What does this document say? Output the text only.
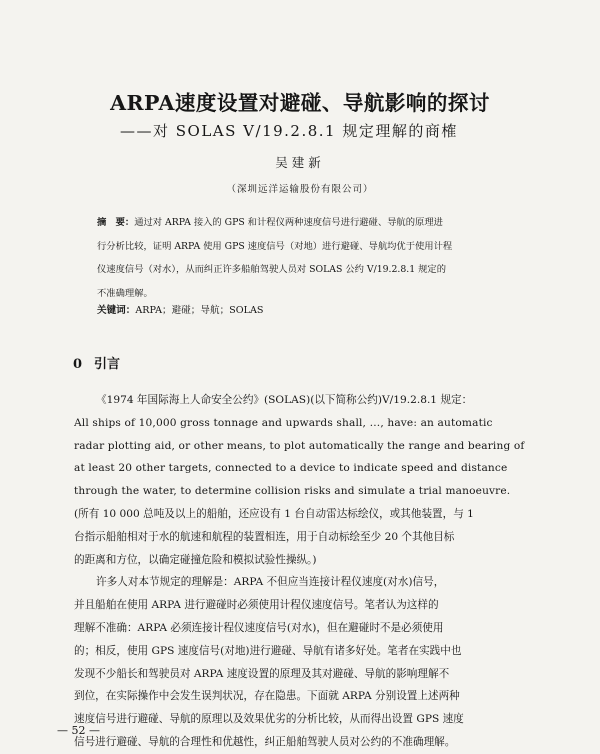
ARPA速度设置对避碰、导航影响的探讨
——对 SOLAS V/19.2.8.1 规定理解的商榷
吴建新
（深圳远洋运输股份有限公司）
摘　要：通过对 ARPA 接入的 GPS 和计程仪两种速度信号进行避碰、导航的原理进
行分析比较，证明 ARPA 使用 GPS 速度信号（对地）进行避碰、导航均优于使用计程
仪速度信号（对水），从而纠正许多船舶驾驶人员对 SOLAS 公约 V/19.2.8.1 规定的
不准确理解。
关键词：ARPA；避碰；导航；SOLAS
0 引言
《1974 年国际海上人命安全公约》(SOLAS)(以下简称公约)V/19.2.8.1 规定：
All ships of 10,000 gross tonnage and upwards shall, …, have: an automatic
radar plotting aid, or other means, to plot automatically the range and bearing of
at least 20 other targets, connected to a device to indicate speed and distance
through the water, to determine collision risks and simulate a trial manoeuvre.
(所有 10 000 总吨及以上的船舶，还应设有 1 台自动雷达标绘仪，或其他装置，与 1
台指示船舶相对于水的航速和航程的装置相连，用于自动标绘至少 20 个其他目标
的距离和方位，以确定碰撞危险和模拟试验性操纵。)
许多人对本节规定的理解是：ARPA 不但应当连接计程仪速度(对水)信号，
并且船舶在使用 ARPA 进行避碰时必须使用计程仪速度信号。笔者认为这样的
理解不准确：ARPA 必须连接计程仪速度信号(对水)，但在避碰时不是必须使用
的；相反，使用 GPS 速度信号(对地)进行避碰、导航有诸多好处。笔者在实践中也
发现不少船长和驾驶员对 ARPA 速度设置的原理及其对避碰、导航的影响理解不
到位，在实际操作中会发生误判状况，存在隐患。下面就 ARPA 分别设置上述两种
速度信号进行避碰、导航的原理以及效果优劣的分析比较，从而得出设置 GPS 速度
信号进行避碰、导航的合理性和优越性，纠正船舶驾驶人员对公约的不准确理解。
— 52 —
